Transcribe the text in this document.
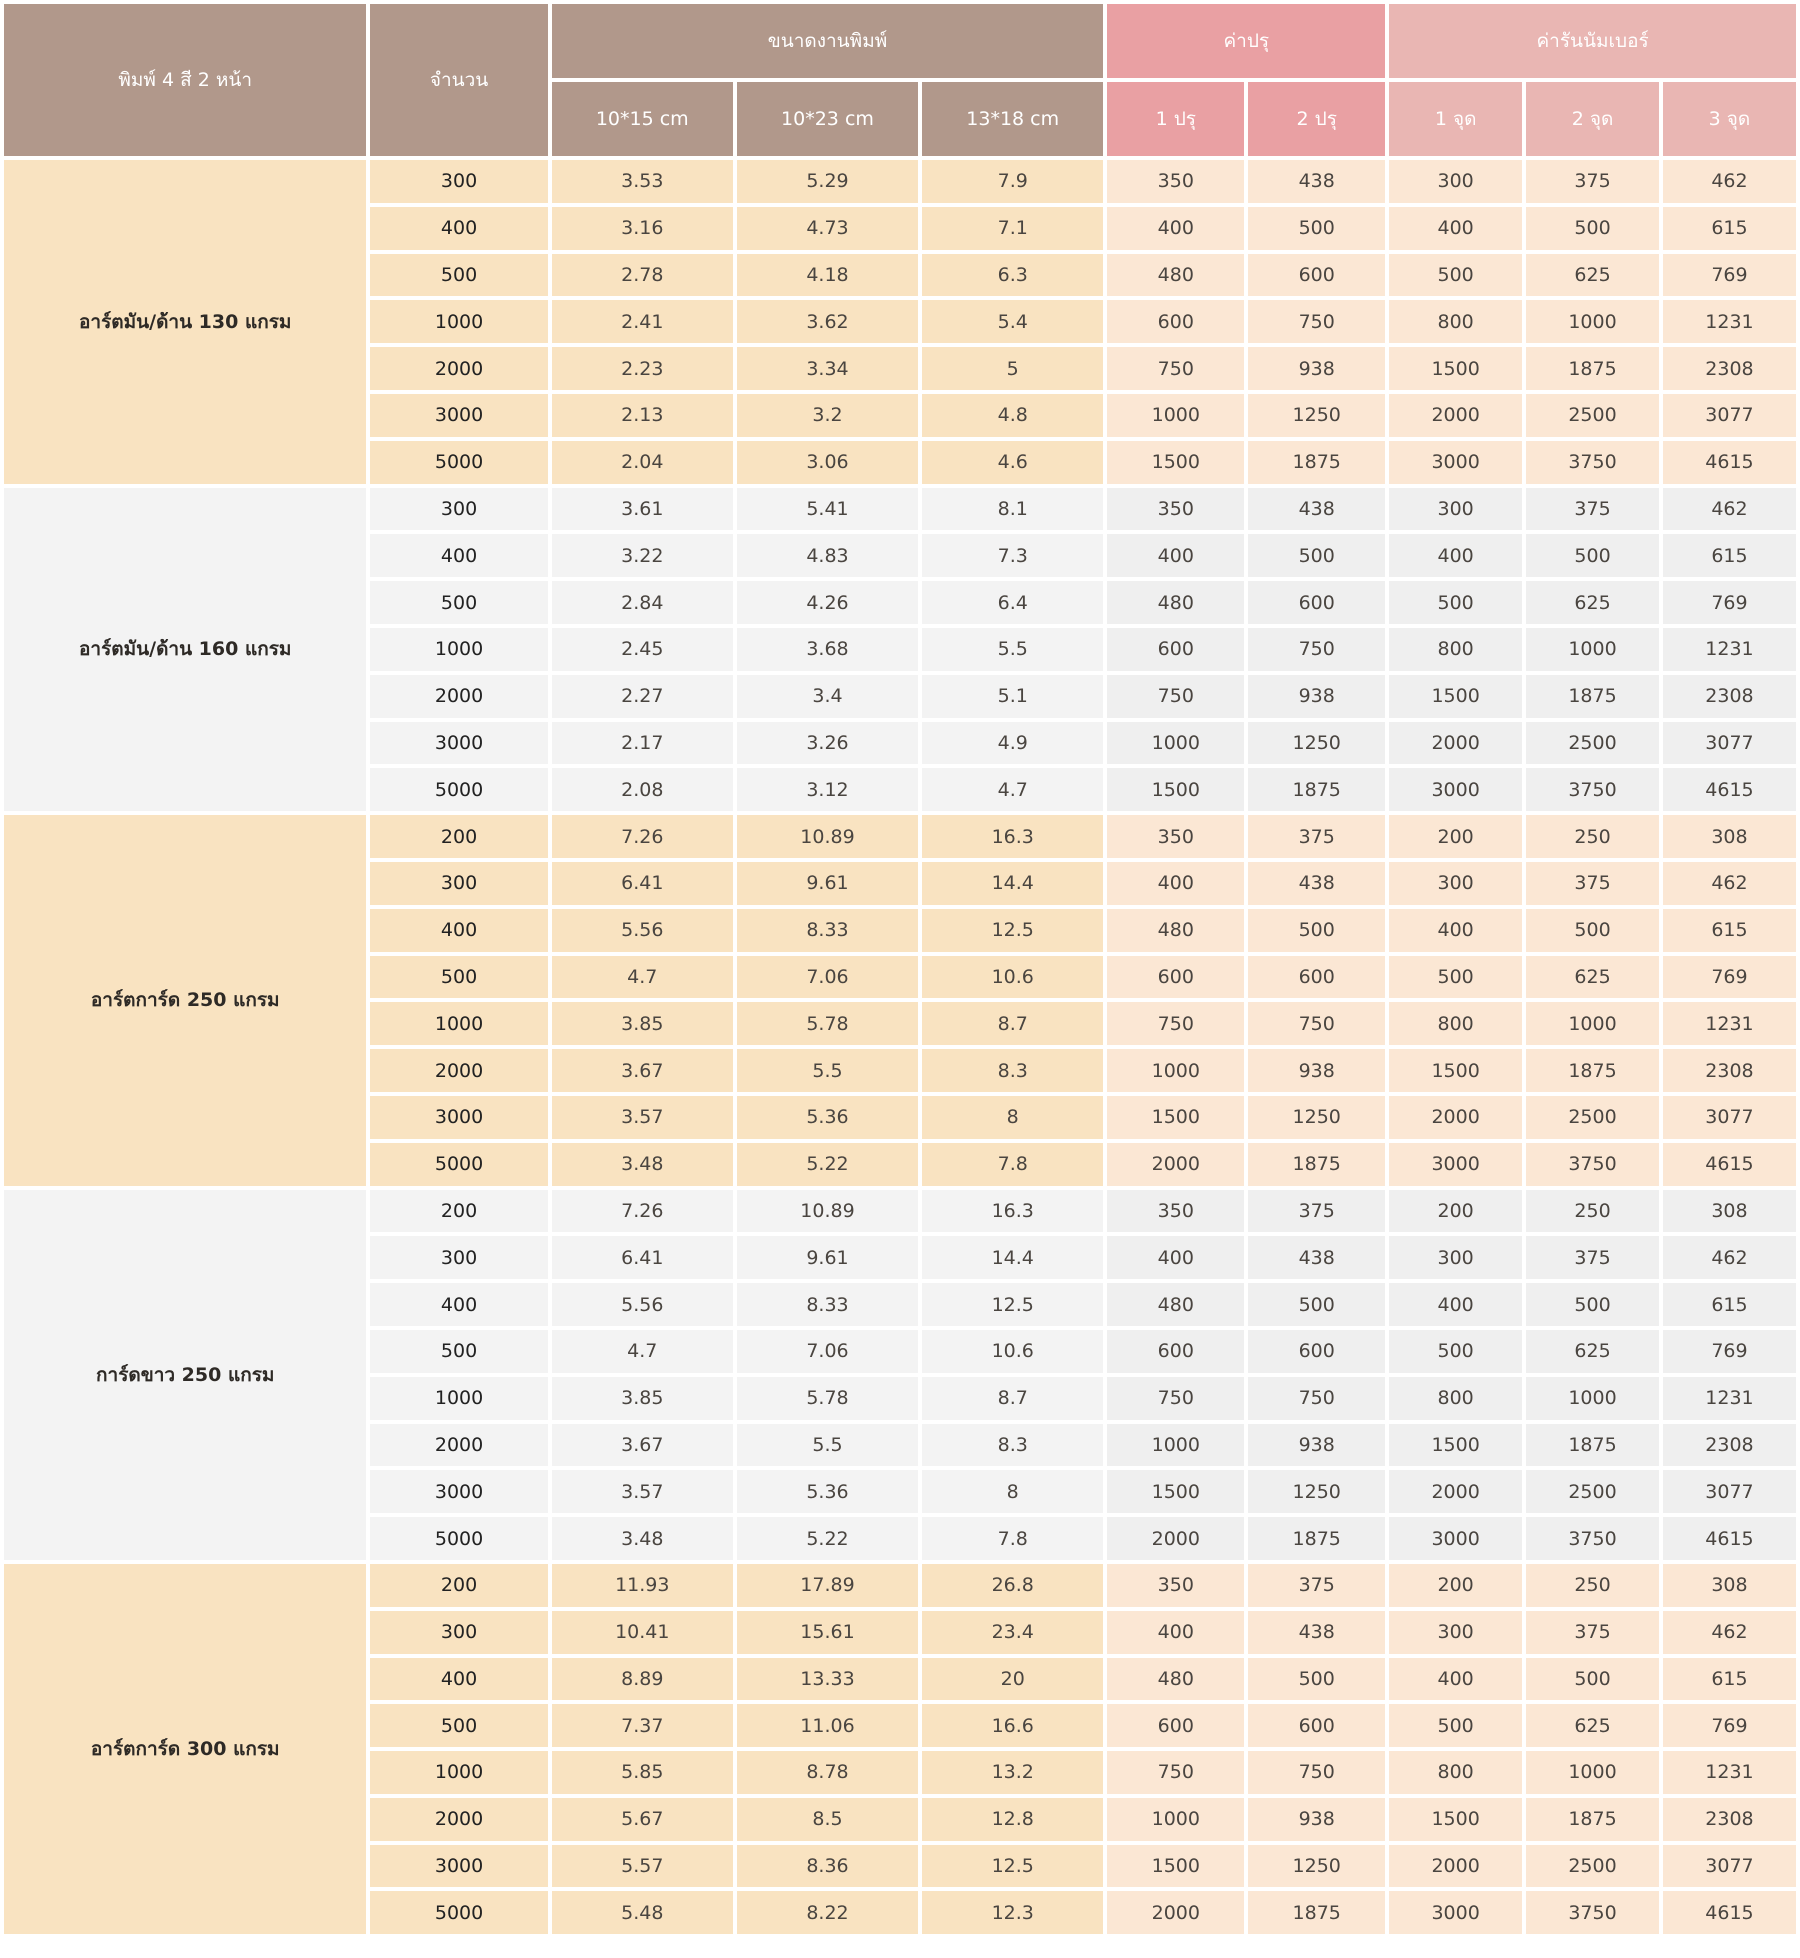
พิมพ์ 4 สี 2 หน้า	จำนวน	ขนาดงานพิมพ์			ค่าปรุ		ค่ารันนัมเบอร์		
		10*15 cm	10*23 cm	13*18 cm	1 ปรุ	2 ปรุ	1 จุด	2 จุด	3 จุด
อาร์ตมัน/ด้าน 130 แกรม	300	3.53	5.29	7.9	350	438	300	375	462
	400	3.16	4.73	7.1	400	500	400	500	615
	500	2.78	4.18	6.3	480	600	500	625	769
	1000	2.41	3.62	5.4	600	750	800	1000	1231
	2000	2.23	3.34	5	750	938	1500	1875	2308
	3000	2.13	3.2	4.8	1000	1250	2000	2500	3077
	5000	2.04	3.06	4.6	1500	1875	3000	3750	4615
อาร์ตมัน/ด้าน 160 แกรม	300	3.61	5.41	8.1	350	438	300	375	462
	400	3.22	4.83	7.3	400	500	400	500	615
	500	2.84	4.26	6.4	480	600	500	625	769
	1000	2.45	3.68	5.5	600	750	800	1000	1231
	2000	2.27	3.4	5.1	750	938	1500	1875	2308
	3000	2.17	3.26	4.9	1000	1250	2000	2500	3077
	5000	2.08	3.12	4.7	1500	1875	3000	3750	4615
อาร์ตการ์ด 250 แกรม	200	7.26	10.89	16.3	350	375	200	250	308
	300	6.41	9.61	14.4	400	438	300	375	462
	400	5.56	8.33	12.5	480	500	400	500	615
	500	4.7	7.06	10.6	600	600	500	625	769
	1000	3.85	5.78	8.7	750	750	800	1000	1231
	2000	3.67	5.5	8.3	1000	938	1500	1875	2308
	3000	3.57	5.36	8	1500	1250	2000	2500	3077
	5000	3.48	5.22	7.8	2000	1875	3000	3750	4615
การ์ดขาว 250 แกรม	200	7.26	10.89	16.3	350	375	200	250	308
	300	6.41	9.61	14.4	400	438	300	375	462
	400	5.56	8.33	12.5	480	500	400	500	615
	500	4.7	7.06	10.6	600	600	500	625	769
	1000	3.85	5.78	8.7	750	750	800	1000	1231
	2000	3.67	5.5	8.3	1000	938	1500	1875	2308
	3000	3.57	5.36	8	1500	1250	2000	2500	3077
	5000	3.48	5.22	7.8	2000	1875	3000	3750	4615
อาร์ตการ์ด 300 แกรม	200	11.93	17.89	26.8	350	375	200	250	308
	300	10.41	15.61	23.4	400	438	300	375	462
	400	8.89	13.33	20	480	500	400	500	615
	500	7.37	11.06	16.6	600	600	500	625	769
	1000	5.85	8.78	13.2	750	750	800	1000	1231
	2000	5.67	8.5	12.8	1000	938	1500	1875	2308
	3000	5.57	8.36	12.5	1500	1250	2000	2500	3077
	5000	5.48	8.22	12.3	2000	1875	3000	3750	4615
